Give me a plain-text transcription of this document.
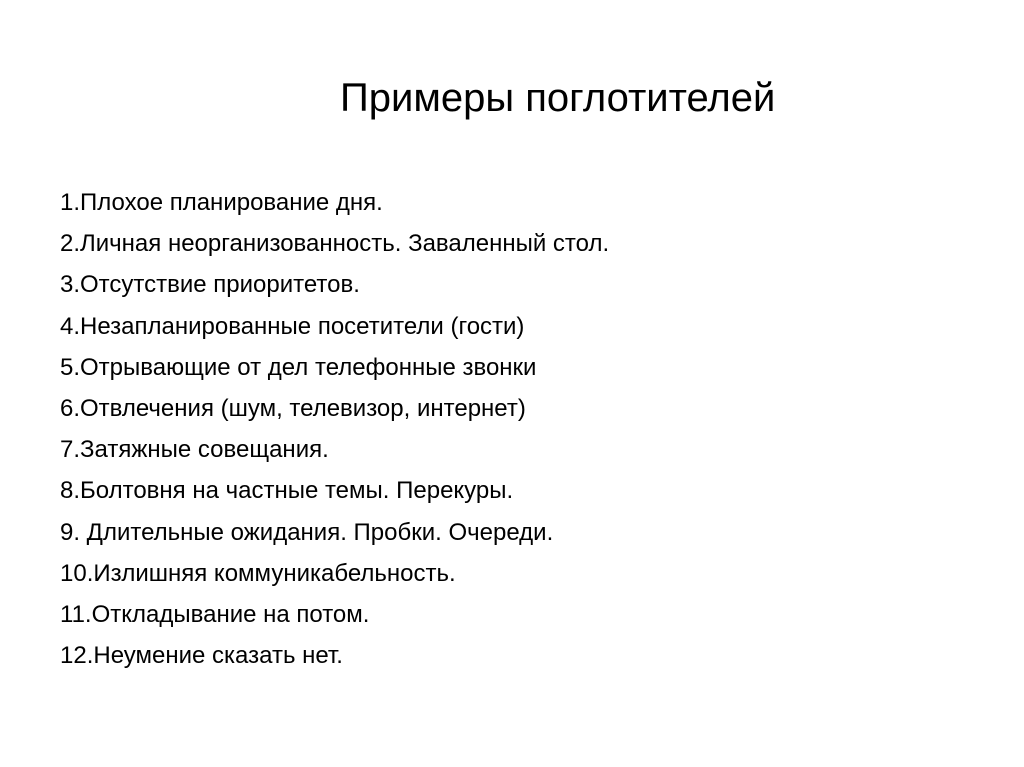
Примеры поглотителей
1.Плохое планирование дня.
2.Личная неорганизованность. Заваленный стол.
3.Отсутствие приоритетов.
4.Незапланированные посетители (гости)
5.Отрывающие от дел телефонные звонки
6.Отвлечения (шум, телевизор, интернет)
7.Затяжные совещания.
8.Болтовня на частные темы. Перекуры.
9. Длительные ожидания. Пробки. Очереди.
10.Излишняя коммуникабельность.
11.Откладывание на потом.
12.Неумение сказать нет.
